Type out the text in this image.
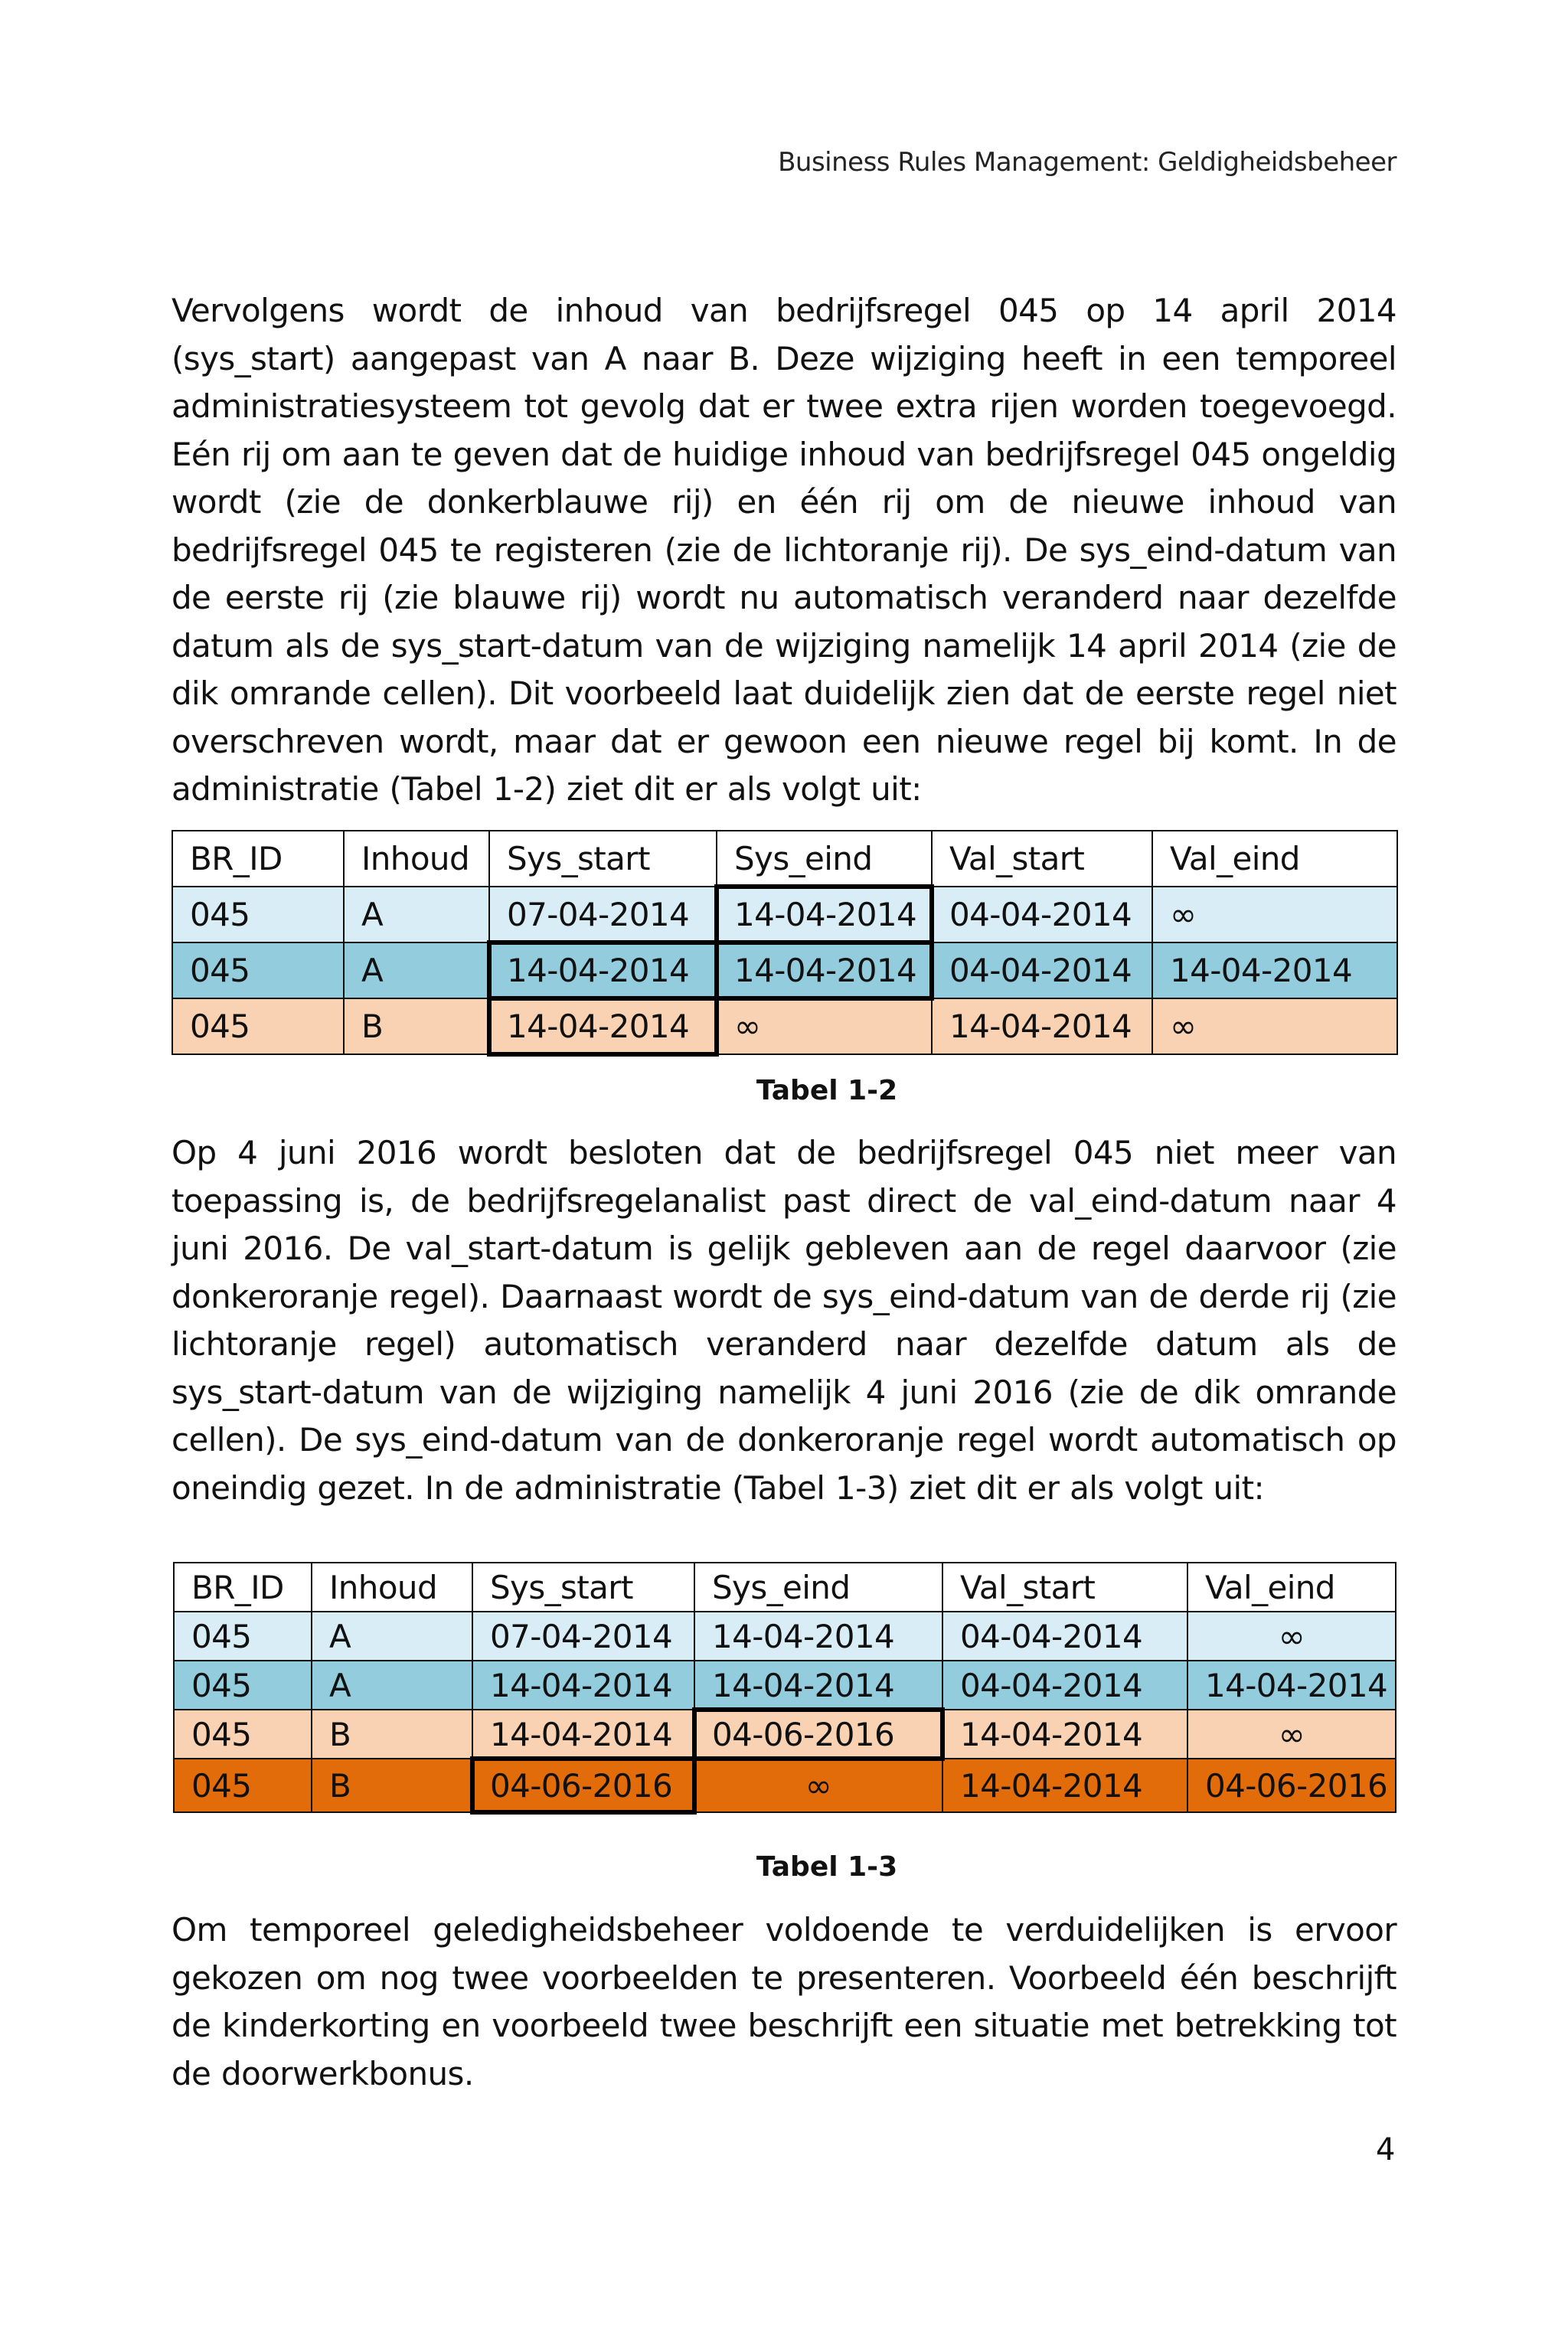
Business Rules Management: Geldigheidsbeheer

Vervolgens wordt de inhoud van bedrijfsregel 045 op 14 april 2014 (sys_start) aangepast van A naar B. Deze wijziging heeft in een temporeel administratiesysteem tot gevolg dat er twee extra rijen worden toegevoegd. Eén rij om aan te geven dat de huidige inhoud van bedrijfsregel 045 ongeldig wordt (zie de donkerblauwe rij) en één rij om de nieuwe inhoud van bedrijfsregel 045 te registeren (zie de lichtoranje rij). De sys_eind-datum van de eerste rij (zie blauwe rij) wordt nu automatisch veranderd naar dezelfde datum als de sys_start-datum van de wijziging namelijk 14 april 2014 (zie de dik omrande cellen). Dit voorbeeld laat duidelijk zien dat de eerste regel niet overschreven wordt, maar dat er gewoon een nieuwe regel bij komt. In de administratie (Tabel 1-2) ziet dit er als volgt uit:

BR_ID	Inhoud	Sys_start	Sys_eind	Val_start	Val_eind
045	A	07-04-2014	14-04-2014	04-04-2014	∞
045	A	14-04-2014	14-04-2014	04-04-2014	14-04-2014
045	B	14-04-2014	∞	14-04-2014	∞
Tabel 1-2

Op 4 juni 2016 wordt besloten dat de bedrijfsregel 045 niet meer van toepassing is, de bedrijfsregelanalist past direct de val_eind-datum naar 4 juni 2016. De val_start-datum is gelijk gebleven aan de regel daarvoor (zie donkeroranje regel). Daarnaast wordt de sys_eind-datum van de derde rij (zie lichtoranje regel) automatisch veranderd naar dezelfde datum als de sys_start-datum van de wijziging namelijk 4 juni 2016 (zie de dik omrande cellen). De sys_eind-datum van de donkeroranje regel wordt automatisch op oneindig gezet. In de administratie (Tabel 1-3) ziet dit er als volgt uit:

BR_ID	Inhoud	Sys_start	Sys_eind	Val_start	Val_eind
045	A	07-04-2014	14-04-2014	04-04-2014	∞
045	A	14-04-2014	14-04-2014	04-04-2014	14-04-2014
045	B	14-04-2014	04-06-2016	14-04-2014	∞
045	B	04-06-2016	∞	14-04-2014	04-06-2016
Tabel 1-3

Om temporeel geledigheidsbeheer voldoende te verduidelijken is ervoor gekozen om nog twee voorbeelden te presenteren. Voorbeeld één beschrijft de kinderkorting en voorbeeld twee beschrijft een situatie met betrekking tot de doorwerkbonus.

4
